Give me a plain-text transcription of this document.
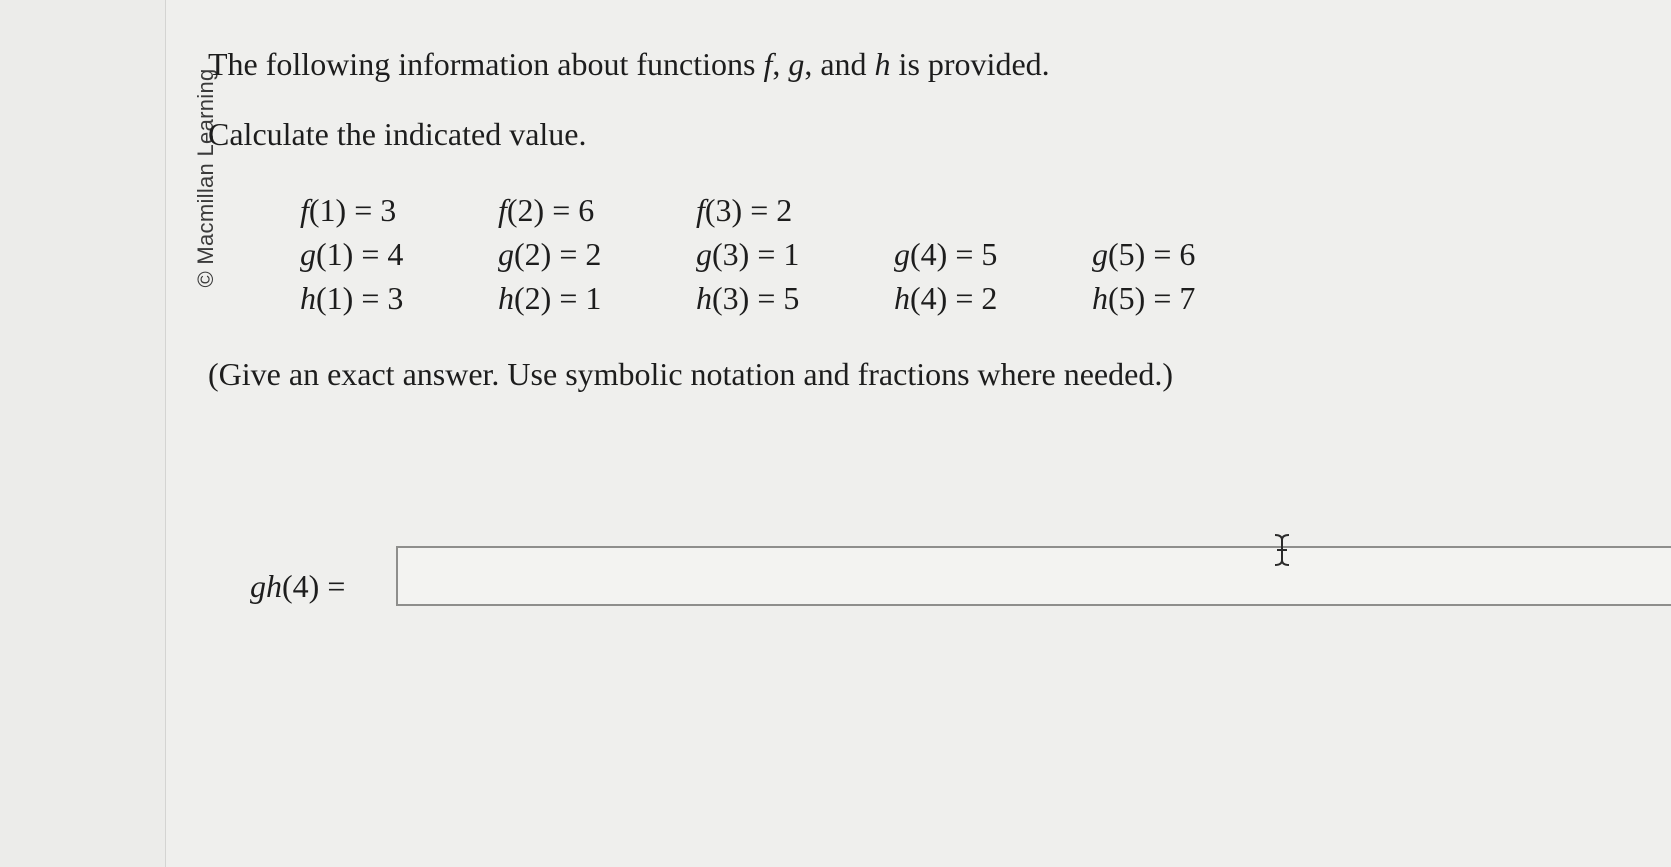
© Macmillan Learning
The following information about functions f, g, and h is provided.
Calculate the indicated value.
f(1) = 3	f(2) = 6	f(3) = 2
g(1) = 4	g(2) = 2	g(3) = 1	g(4) = 5	g(5) = 6
h(1) = 3	h(2) = 1	h(3) = 5	h(4) = 2	h(5) = 7
(Give an exact answer. Use symbolic notation and fractions where needed.)
gh(4) =
